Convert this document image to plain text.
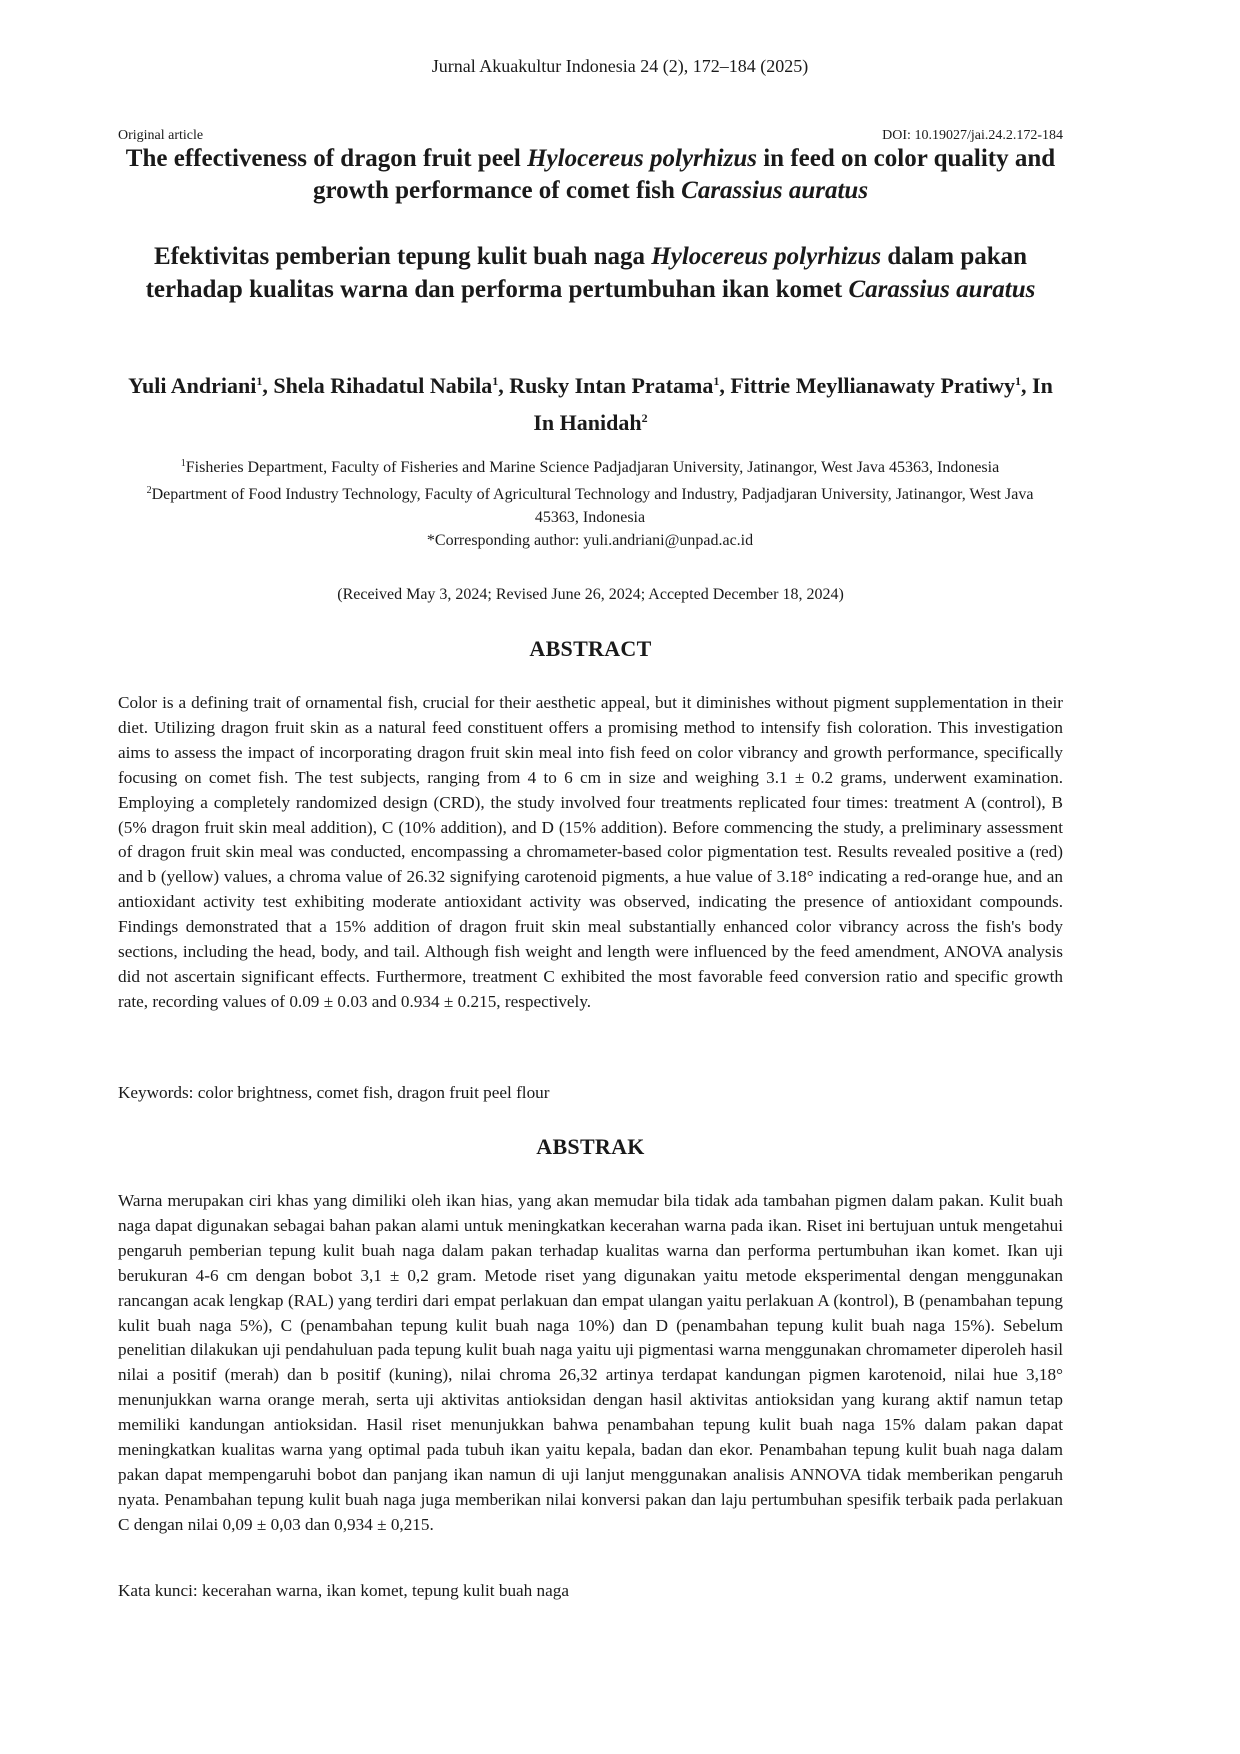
Jurnal Akuakultur Indonesia 24 (2), 172–184 (2025)
Original article	DOI: 10.19027/jai.24.2.172-184
The effectiveness of dragon fruit peel Hylocereus polyrhizus in feed on color quality and growth performance of comet fish Carassius auratus
Efektivitas pemberian tepung kulit buah naga Hylocereus polyrhizus dalam pakan terhadap kualitas warna dan performa pertumbuhan ikan komet Carassius auratus
Yuli Andriani$^1$, Shela Rihadatul Nabila$^1$, Rusky Intan Pratama$^1$, Fittrie Meyllianawaty Pratiwy$^1$, In In Hanidah$^2$
$^1$Fisheries Department, Faculty of Fisheries and Marine Science Padjadjaran University, Jatinangor, West Java 45363, Indonesia
$^2$Department of Food Industry Technology, Faculty of Agricultural Technology and Industry, Padjadjaran University, Jatinangor, West Java 45363, Indonesia
*Corresponding author: yuli.andriani@unpad.ac.id
(Received May 3, 2024; Revised June 26, 2024; Accepted December 18, 2024)
ABSTRACT

Color is a defining trait of ornamental fish, crucial for their aesthetic appeal, but it diminishes without pigment supplementation in their diet. Utilizing dragon fruit skin as a natural feed constituent offers a promising method to intensify fish coloration. This investigation aims to assess the impact of incorporating dragon fruit skin meal into fish feed on color vibrancy and growth performance, specifically focusing on comet fish. The test subjects, ranging from 4 to 6 cm in size and weighing 3.1 ± 0.2 grams, underwent examination. Employing a completely randomized design (CRD), the study involved four treatments replicated four times: treatment A (control), B (5% dragon fruit skin meal addition), C (10% addition), and D (15% addition). Before commencing the study, a preliminary assessment of dragon fruit skin meal was conducted, encompassing a chromameter-based color pigmentation test. Results revealed positive a (red) and b (yellow) values, a chroma value of 26.32 signifying carotenoid pigments, a hue value of 3.18° indicating a red-orange hue, and an antioxidant activity test exhibiting moderate antioxidant activity was observed, indicating the presence of antioxidant compounds. Findings demonstrated that a 15% addition of dragon fruit skin meal substantially enhanced color vibrancy across the fish's body sections, including the head, body, and tail. Although fish weight and length were influenced by the feed amendment, ANOVA analysis did not ascertain significant effects. Furthermore, treatment C exhibited the most favorable feed conversion ratio and specific growth rate, recording values of 0.09 ± 0.03 and 0.934 ± 0.215, respectively.

Keywords: color brightness, comet fish, dragon fruit peel flour
ABSTRAK

Warna merupakan ciri khas yang dimiliki oleh ikan hias, yang akan memudar bila tidak ada tambahan pigmen dalam pakan. Kulit buah naga dapat digunakan sebagai bahan pakan alami untuk meningkatkan kecerahan warna pada ikan. Riset ini bertujuan untuk mengetahui pengaruh pemberian tepung kulit buah naga dalam pakan terhadap kualitas warna dan performa pertumbuhan ikan komet. Ikan uji berukuran 4-6 cm dengan bobot 3,1 ± 0,2 gram. Metode riset yang digunakan yaitu metode eksperimental dengan menggunakan rancangan acak lengkap (RAL) yang terdiri dari empat perlakuan dan empat ulangan yaitu perlakuan A (kontrol), B (penambahan tepung kulit buah naga 5%), C (penambahan tepung kulit buah naga 10%) dan D (penambahan tepung kulit buah naga 15%). Sebelum penelitian dilakukan uji pendahuluan pada tepung kulit buah naga yaitu uji pigmentasi warna menggunakan chromameter diperoleh hasil nilai a positif (merah) dan b positif (kuning), nilai chroma 26,32 artinya terdapat kandungan pigmen karotenoid, nilai hue 3,18° menunjukkan warna orange merah, serta uji aktivitas antioksidan dengan hasil aktivitas antioksidan yang kurang aktif namun tetap memiliki kandungan antioksidan. Hasil riset menunjukkan bahwa penambahan tepung kulit buah naga 15% dalam pakan dapat meningkatkan kualitas warna yang optimal pada tubuh ikan yaitu kepala, badan dan ekor. Penambahan tepung kulit buah naga dalam pakan dapat mempengaruhi bobot dan panjang ikan namun di uji lanjut menggunakan analisis ANNOVA tidak memberikan pengaruh nyata. Penambahan tepung kulit buah naga juga memberikan nilai konversi pakan dan laju pertumbuhan spesifik terbaik pada perlakuan C dengan nilai 0,09 ± 0,03 dan 0,934 ± 0,215.

Kata kunci: kecerahan warna, ikan komet, tepung kulit buah naga
